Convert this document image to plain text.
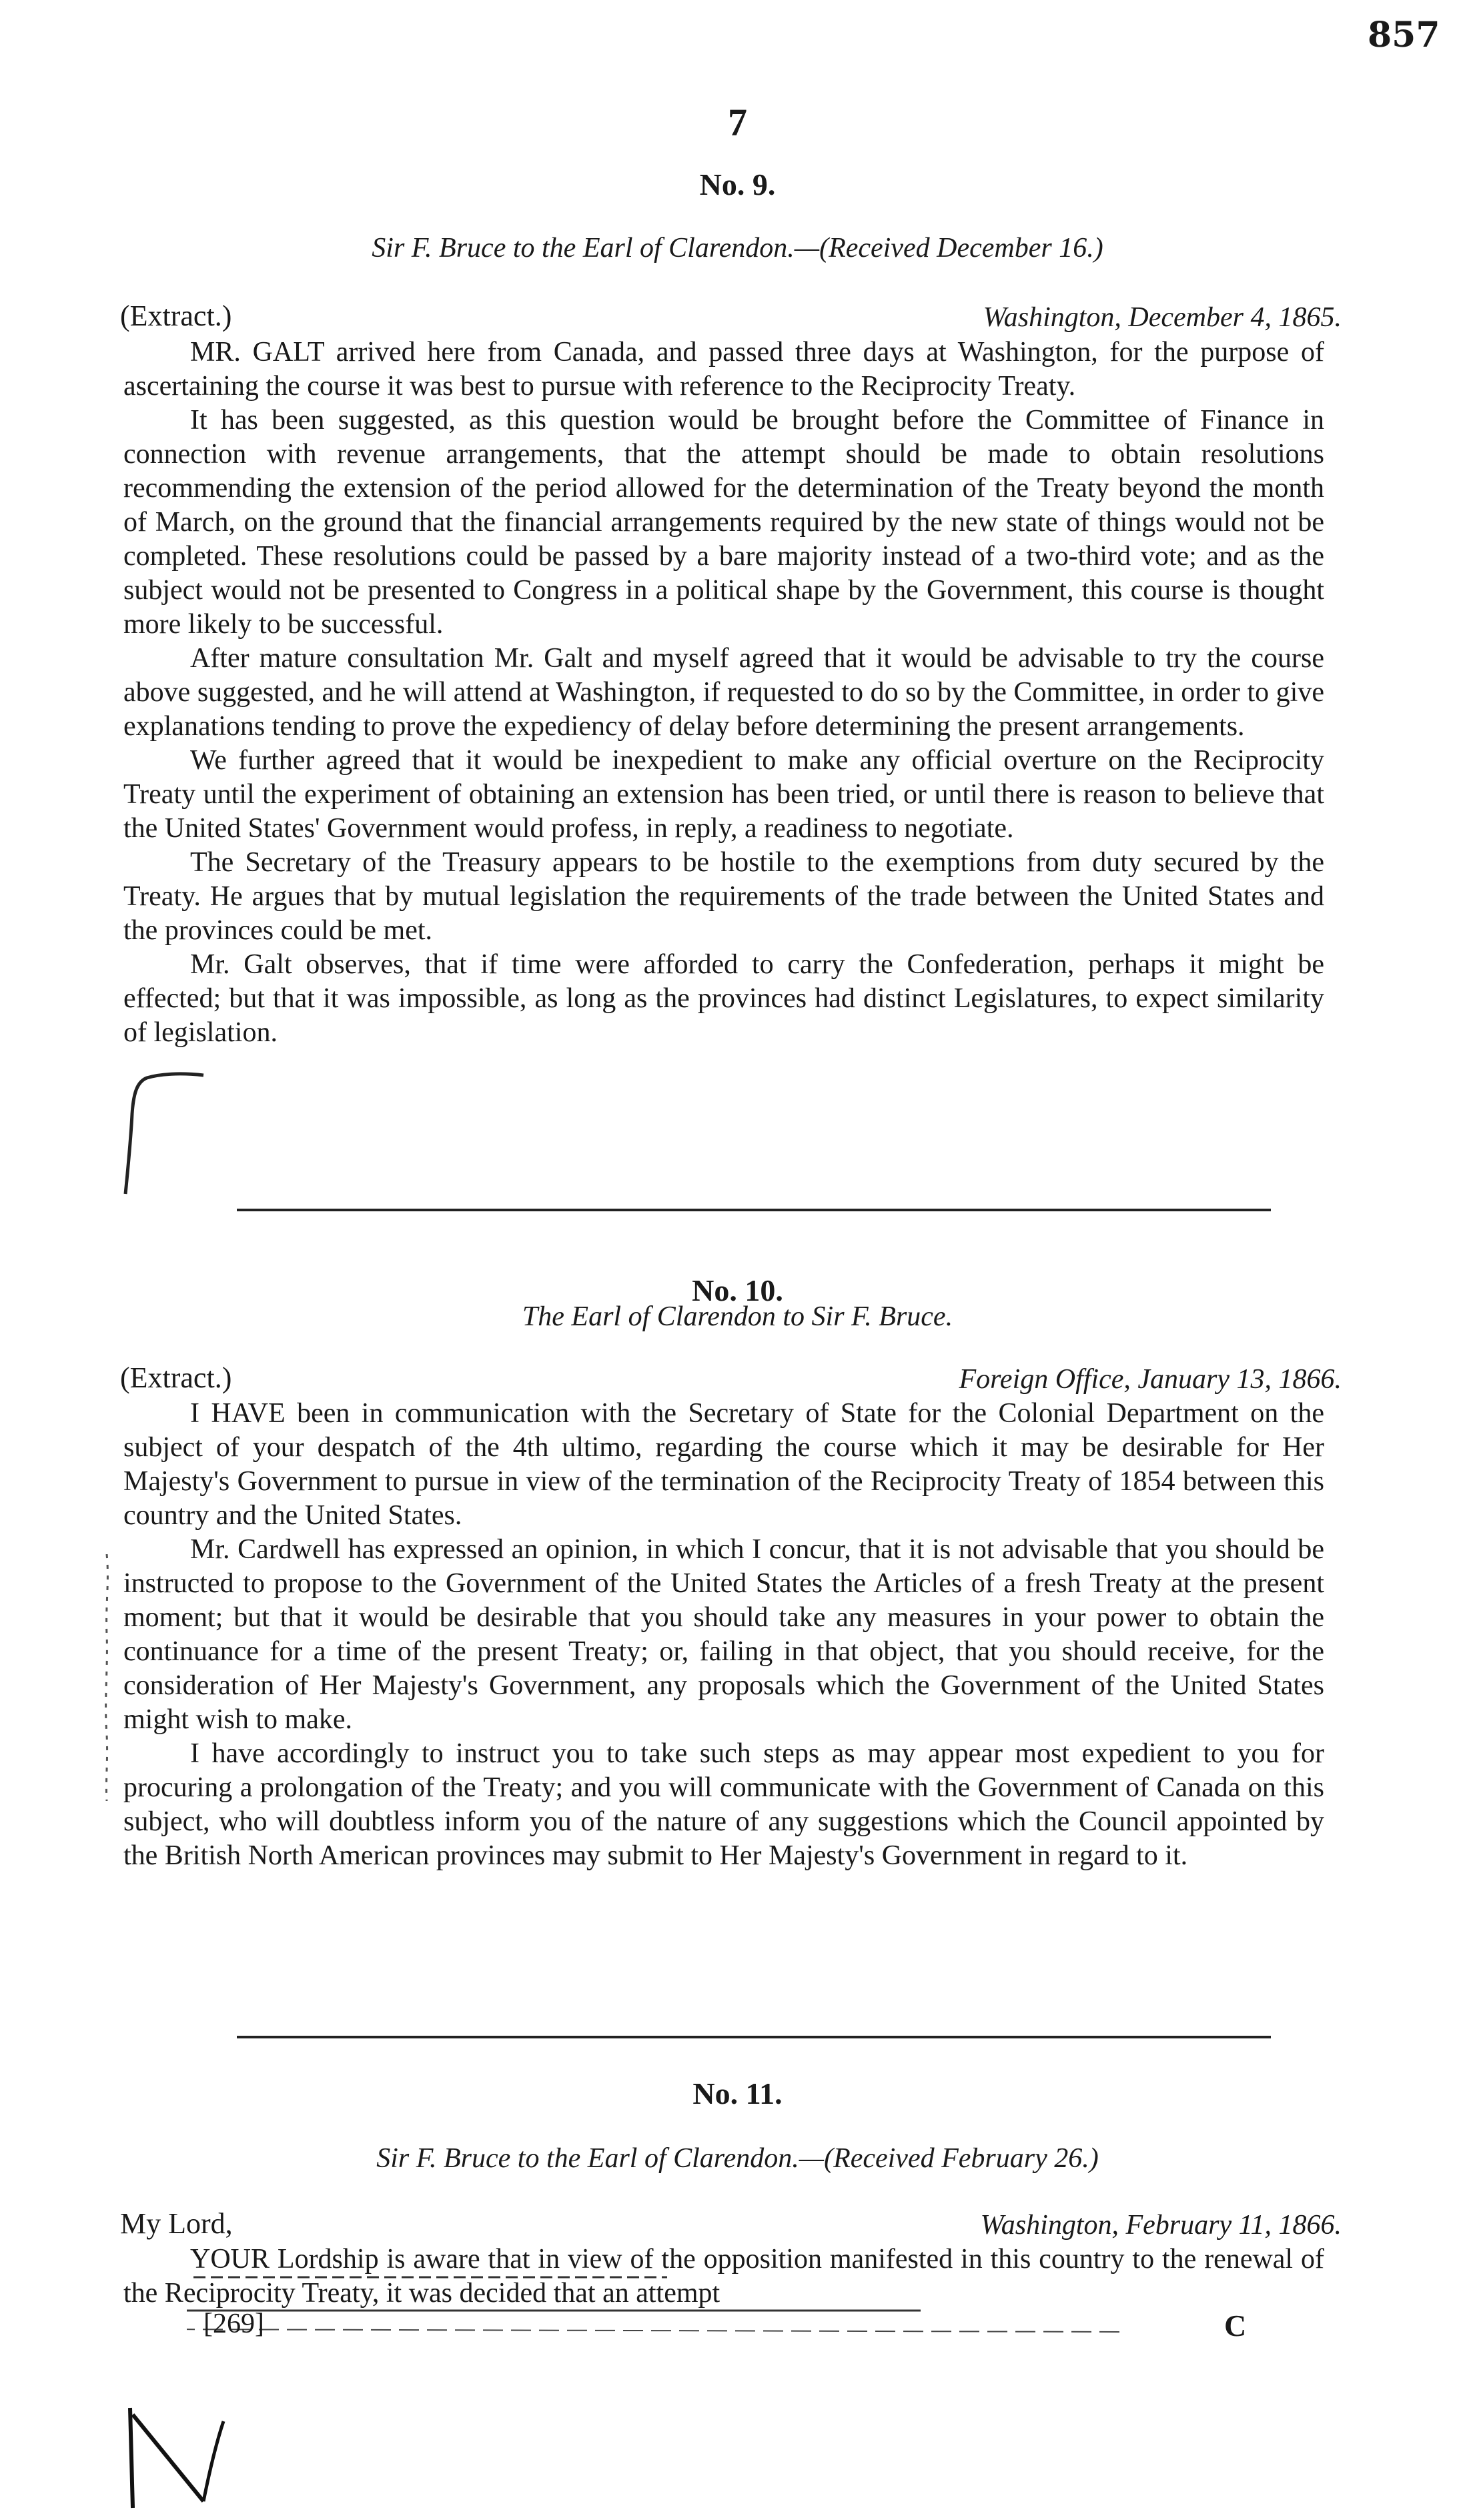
857
7
No. 9.
Sir F. Bruce to the Earl of Clarendon.—(Received December 16.)
(Extract.)	Washington, December 4, 1865.

MR. GALT arrived here from Canada, and passed three days at Washington, for the purpose of ascertaining the course it was best to pursue with reference to the Reciprocity Treaty.

It has been suggested, as this question would be brought before the Committee of Finance in connection with revenue arrangements, that the attempt should be made to obtain resolutions recommending the extension of the period allowed for the determination of the Treaty beyond the month of March, on the ground that the financial arrangements required by the new state of things would not be completed. These resolutions could be passed by a bare majority instead of a two-third vote; and as the subject would not be presented to Congress in a political shape by the Government, this course is thought more likely to be successful.

After mature consultation Mr. Galt and myself agreed that it would be advisable to try the course above suggested, and he will attend at Washington, if requested to do so by the Committee, in order to give explanations tending to prove the expediency of delay before determining the present arrangements.

We further agreed that it would be inexpedient to make any official overture on the Reciprocity Treaty until the experiment of obtaining an extension has been tried, or until there is reason to believe that the United States' Government would profess, in reply, a readiness to negotiate.

The Secretary of the Treasury appears to be hostile to the exemptions from duty secured by the Treaty. He argues that by mutual legislation the requirements of the trade between the United States and the provinces could be met.

Mr. Galt observes, that if time were afforded to carry the Confederation, perhaps it might be effected; but that it was impossible, as long as the provinces had distinct Legislatures, to expect similarity of legislation.

No. 10.
The Earl of Clarendon to Sir F. Bruce.
(Extract.)	Foreign Office, January 13, 1866.

I HAVE been in communication with the Secretary of State for the Colonial Department on the subject of your despatch of the 4th ultimo, regarding the course which it may be desirable for Her Majesty's Government to pursue in view of the termination of the Reciprocity Treaty of 1854 between this country and the United States.

Mr. Cardwell has expressed an opinion, in which I concur, that it is not advisable that you should be instructed to propose to the Government of the United States the Articles of a fresh Treaty at the present moment; but that it would be desirable that you should take any measures in your power to obtain the continuance for a time of the present Treaty; or, failing in that object, that you should receive, for the consideration of Her Majesty's Government, any proposals which the Government of the United States might wish to make.

I have accordingly to instruct you to take such steps as may appear most expedient to you for procuring a prolongation of the Treaty; and you will communicate with the Government of Canada on this subject, who will doubtless inform you of the nature of any suggestions which the Council appointed by the British North American provinces may submit to Her Majesty's Government in regard to it.

No. 11.
Sir F. Bruce to the Earl of Clarendon.—(Received February 26.)
My Lord,	Washington, February 11, 1866.

YOUR Lordship is aware that in view of the opposition manifested in this country to the renewal of the Reciprocity Treaty, it was decided that an attempt

[269]	C
